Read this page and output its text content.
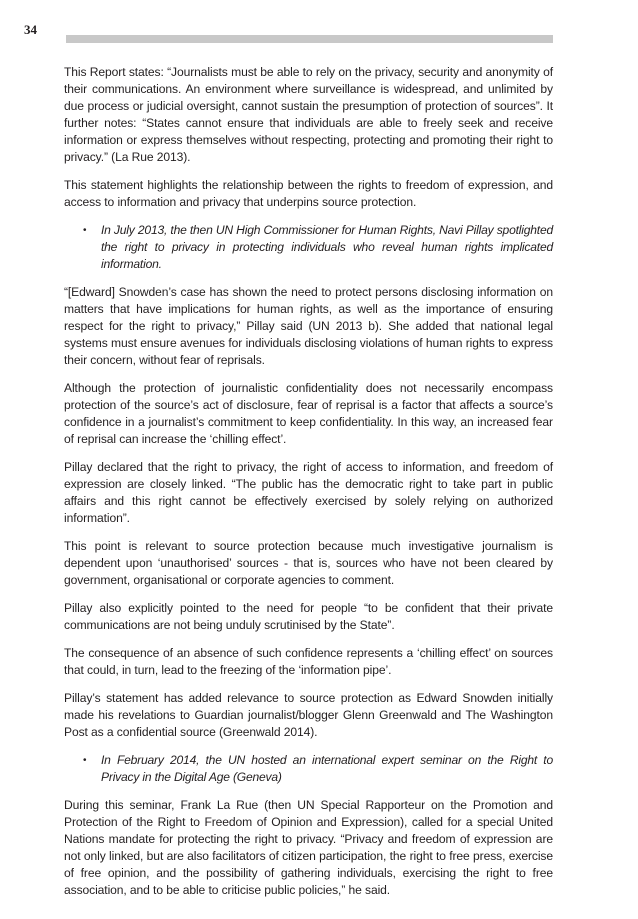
34

This Report states: “Journalists must be able to rely on the privacy, security and anonymity of their communications. An environment where surveillance is widespread, and unlimited by due process or judicial oversight, cannot sustain the presumption of protection of sources”. It further notes: “States cannot ensure that individuals are able to freely seek and receive information or express themselves without respecting, protecting and promoting their right to privacy.” (La Rue 2013).

This statement highlights the relationship between the rights to freedom of expression, and access to information and privacy that underpins source protection.

• In July 2013, the then UN High Commissioner for Human Rights, Navi Pillay spotlighted the right to privacy in protecting individuals who reveal human rights implicated information.

“[Edward] Snowden’s case has shown the need to protect persons disclosing information on matters that have implications for human rights, as well as the importance of ensuring respect for the right to privacy,” Pillay said (UN 2013 b). She added that national legal systems must ensure avenues for individuals disclosing violations of human rights to express their concern, without fear of reprisals.

Although the protection of journalistic confidentiality does not necessarily encompass protection of the source’s act of disclosure, fear of reprisal is a factor that affects a source’s confidence in a journalist’s commitment to keep confidentiality. In this way, an increased fear of reprisal can increase the ‘chilling effect’.

Pillay declared that the right to privacy, the right of access to information, and freedom of expression are closely linked. “The public has the democratic right to take part in public affairs and this right cannot be effectively exercised by solely relying on authorized information”.

This point is relevant to source protection because much investigative journalism is dependent upon ‘unauthorised’ sources - that is, sources who have not been cleared by government, organisational or corporate agencies to comment.

Pillay also explicitly pointed to the need for people “to be confident that their private communications are not being unduly scrutinised by the State”.

The consequence of an absence of such confidence represents a ‘chilling effect’ on sources that could, in turn, lead to the freezing of the ‘information pipe’.

Pillay’s statement has added relevance to source protection as Edward Snowden initially made his revelations to Guardian journalist/blogger Glenn Greenwald and The Washington Post as a confidential source (Greenwald 2014).

• In February 2014, the UN hosted an international expert seminar on the Right to Privacy in the Digital Age (Geneva)

During this seminar, Frank La Rue (then UN Special Rapporteur on the Promotion and Protection of the Right to Freedom of Opinion and Expression), called for a special United Nations mandate for protecting the right to privacy. “Privacy and freedom of expression are not only linked, but are also facilitators of citizen participation, the right to free press, exercise of free opinion, and the possibility of gathering individuals, exercising the right to free association, and to be able to criticise public policies,” he said.
